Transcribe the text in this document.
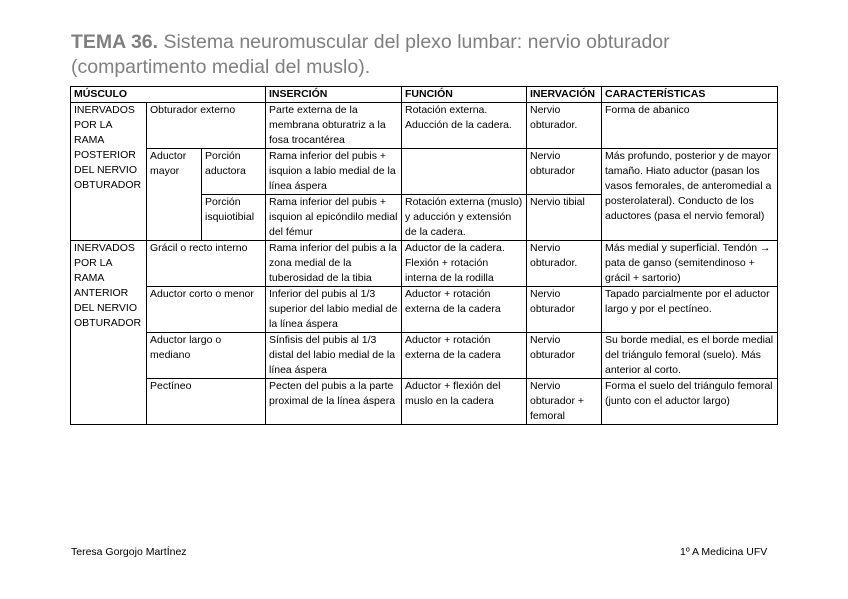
TEMA 36. Sistema neuromuscular del plexo lumbar: nervio obturador (compartimento medial del muslo).
MÚSCULO			INSERCIÓN	FUNCIÓN	INERVACIÓN	CARACTERÍSTICAS
INERVADOS POR LA RAMA POSTERIOR DEL NERVIO OBTURADOR	Obturador externo		Parte externa de la membrana obturatriz a la fosa trocantérea	Rotación externa. Aducción de la cadera.	Nervio obturador.	Forma de abanico
	Aductor mayor	Porción aductora	Rama inferior del pubis + isquion a labio medial de la línea áspera		Nervio obturador	Más profundo, posterior y de mayor tamaño. Hiato aductor (pasan los vasos femorales, de anteromedial a posterolateral). Conducto de los aductores (pasa el nervio femoral)
		Porción isquiotibial	Rama inferior del pubis + isquion al epicóndilo medial del fémur	Rotación externa (muslo) y aducción y extensión de la cadera.	Nervio tibial	
INERVADOS POR LA RAMA ANTERIOR DEL NERVIO OBTURADOR	Grácil o recto interno		Rama inferior del pubis a la zona medial de la tuberosidad de la tibia	Aductor de la cadera. Flexión + rotación interna de la rodilla	Nervio obturador.	Más medial y superficial. Tendón → pata de ganso (semitendinoso + grácil + sartorio)
	Aductor corto o menor		Inferior del pubis al 1/3 superior del labio medial de la línea áspera	Aductor + rotación externa de la cadera	Nervio obturador	Tapado parcialmente por el aductor largo y por el pectíneo.
	Aductor largo o mediano		Sínfisis del pubis al 1/3 distal del labio medial de la línea áspera	Aductor + rotación externa de la cadera	Nervio obturador	Su borde medial, es el borde medial del triángulo femoral (suelo). Más anterior al corto.
	Pectíneo		Pecten del pubis a la parte proximal de la línea áspera	Aductor + flexión del muslo en la cadera	Nervio obturador + femoral	Forma el suelo del triángulo femoral (junto con el aductor largo)
Teresa Gorgojo MartÍnez	1º A Medicina UFV
